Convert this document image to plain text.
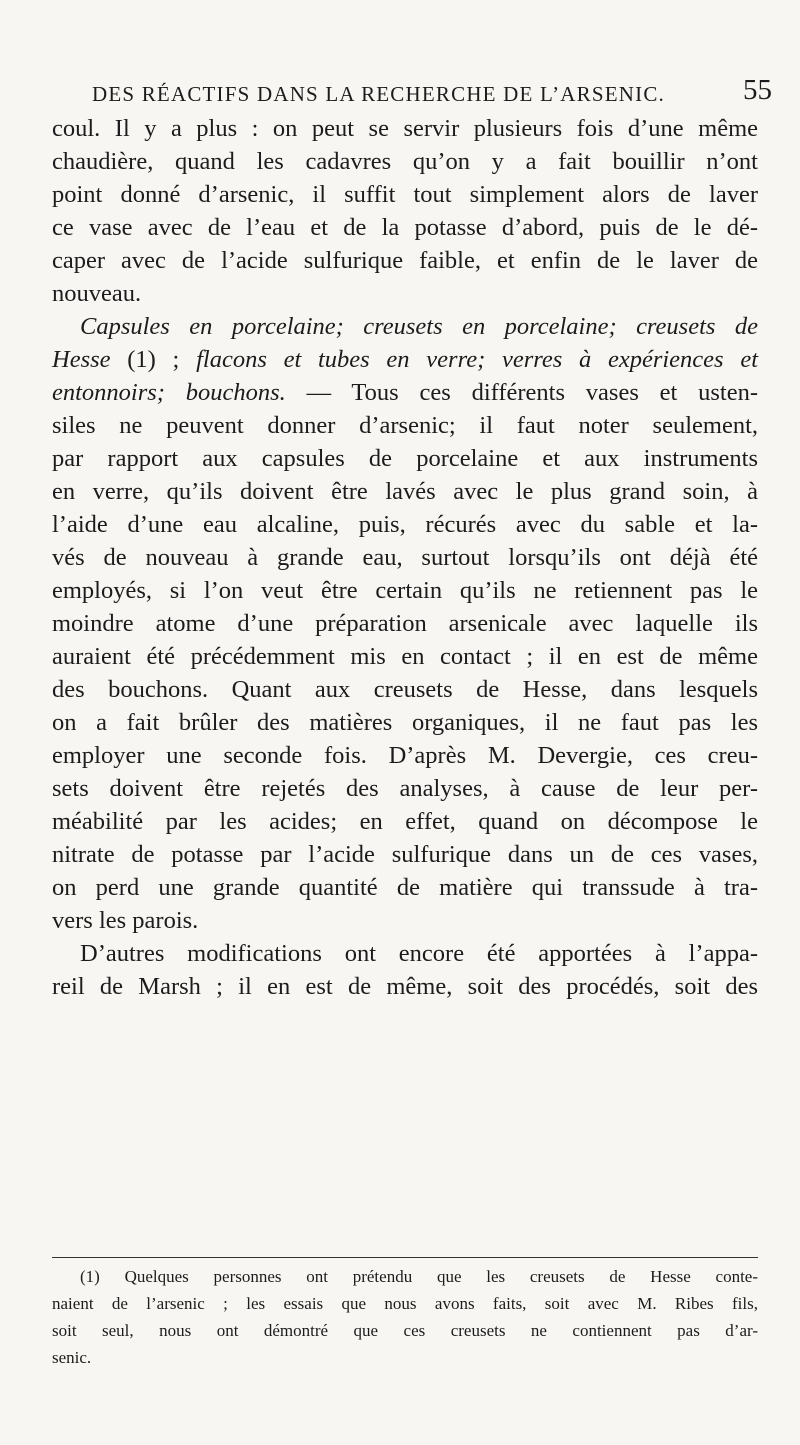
DES RÉACTIFS DANS LA RECHERCHE DE L’ARSENIC.	55
coul. Il y a plus : on peut se servir plusieurs fois d’une même
chaudière, quand les cadavres qu’on y a fait bouillir n’ont
point donné d’arsenic, il suffit tout simplement alors de laver
ce vase avec de l’eau et de la potasse d’abord, puis de le dé-
caper avec de l’acide sulfurique faible, et enfin de le laver de
nouveau.
Capsules en porcelaine; creusets en porcelaine; creusets de
Hesse (1) ; flacons et tubes en verre; verres à expériences et
entonnoirs; bouchons. — Tous ces différents vases et usten-
siles ne peuvent donner d’arsenic; il faut noter seulement,
par rapport aux capsules de porcelaine et aux instruments
en verre, qu’ils doivent être lavés avec le plus grand soin, à
l’aide d’une eau alcaline, puis, récurés avec du sable et la-
vés de nouveau à grande eau, surtout lorsqu’ils ont déjà été
employés, si l’on veut être certain qu’ils ne retiennent pas le
moindre atome d’une préparation arsenicale avec laquelle ils
auraient été précédemment mis en contact ; il en est de même
des bouchons. Quant aux creusets de Hesse, dans lesquels
on a fait brûler des matières organiques, il ne faut pas les
employer une seconde fois. D’après M. Devergie, ces creu-
sets doivent être rejetés des analyses, à cause de leur per-
méabilité par les acides; en effet, quand on décompose le
nitrate de potasse par l’acide sulfurique dans un de ces vases,
on perd une grande quantité de matière qui transsude à tra-
vers les parois.
D’autres modifications ont encore été apportées à l’appa-
reil de Marsh ; il en est de même, soit des procédés, soit des
(1) Quelques personnes ont prétendu que les creusets de Hesse conte-
naient de l’arsenic ; les essais que nous avons faits, soit avec M. Ribes fils,
soit seul, nous ont démontré que ces creusets ne contiennent pas d’ar-
senic.
